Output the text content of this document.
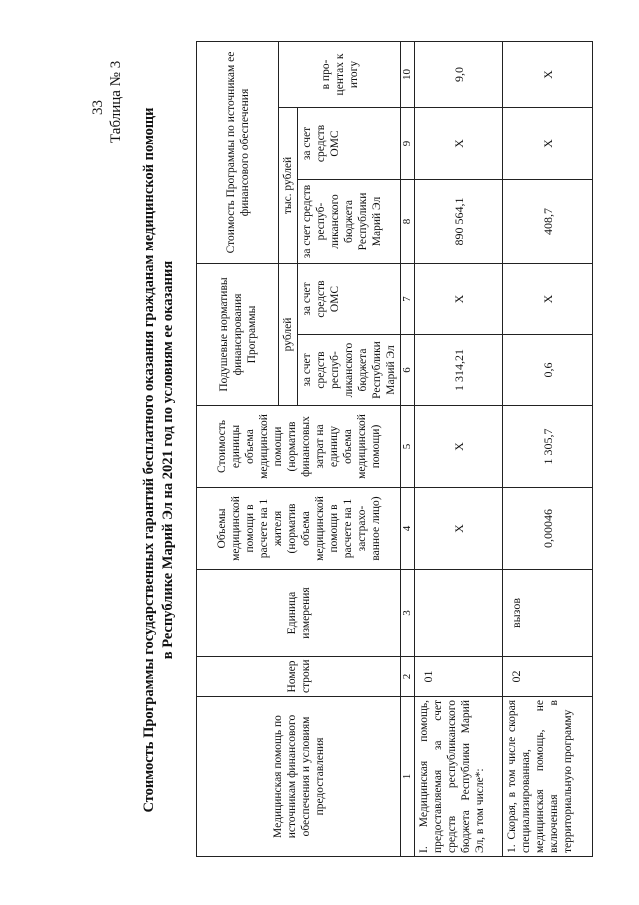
33 Таблица № 3
Стоимость Программы государственных гарантий бесплатного оказания гражданам медицинской помощи в Республике Марий Эл на 2021 год по условиям ее оказания
Медицинская помощь по источникам финансового обеспечения и условиям предоставления	Номер строки	Единица измерения	Объемы медицинской помощи в расчете на 1 жителя (норматив объема медицинской помощи в расчете на 1 застрахо-ванное лицо)	Стоимость единицы объема медицинской помощи (норматив финансовых затрат на единицу объема медицинской помощи)	Подушевые нормативы финансирования Программы		Стоимость Программы по источникам ее финансового обеспечения		
					рублей		тыс. рублей		в про-центах к итогу
					за счет средств респуб-ликанского бюджета Республики Марий Эл	за счет средств ОМС	за счет средств респуб-ликанского бюджета Республики Марий Эл	за счет средств ОМС	
1	2	3	4	5	6	7	8	9	10
I. Медицинская помощь, предоставляемая за счет средств республиканского бюджета Республики Марий Эл, в том числе*:	01		Х	Х	1 314,21	Х	890 564,1	Х	9,0
1. Скорая, в том числе скорая специализированная, медицинская помощь, не включенная в территориальную программу	02	вызов	0,00046	1 305,7	0,6	Х	408,7	Х	Х
